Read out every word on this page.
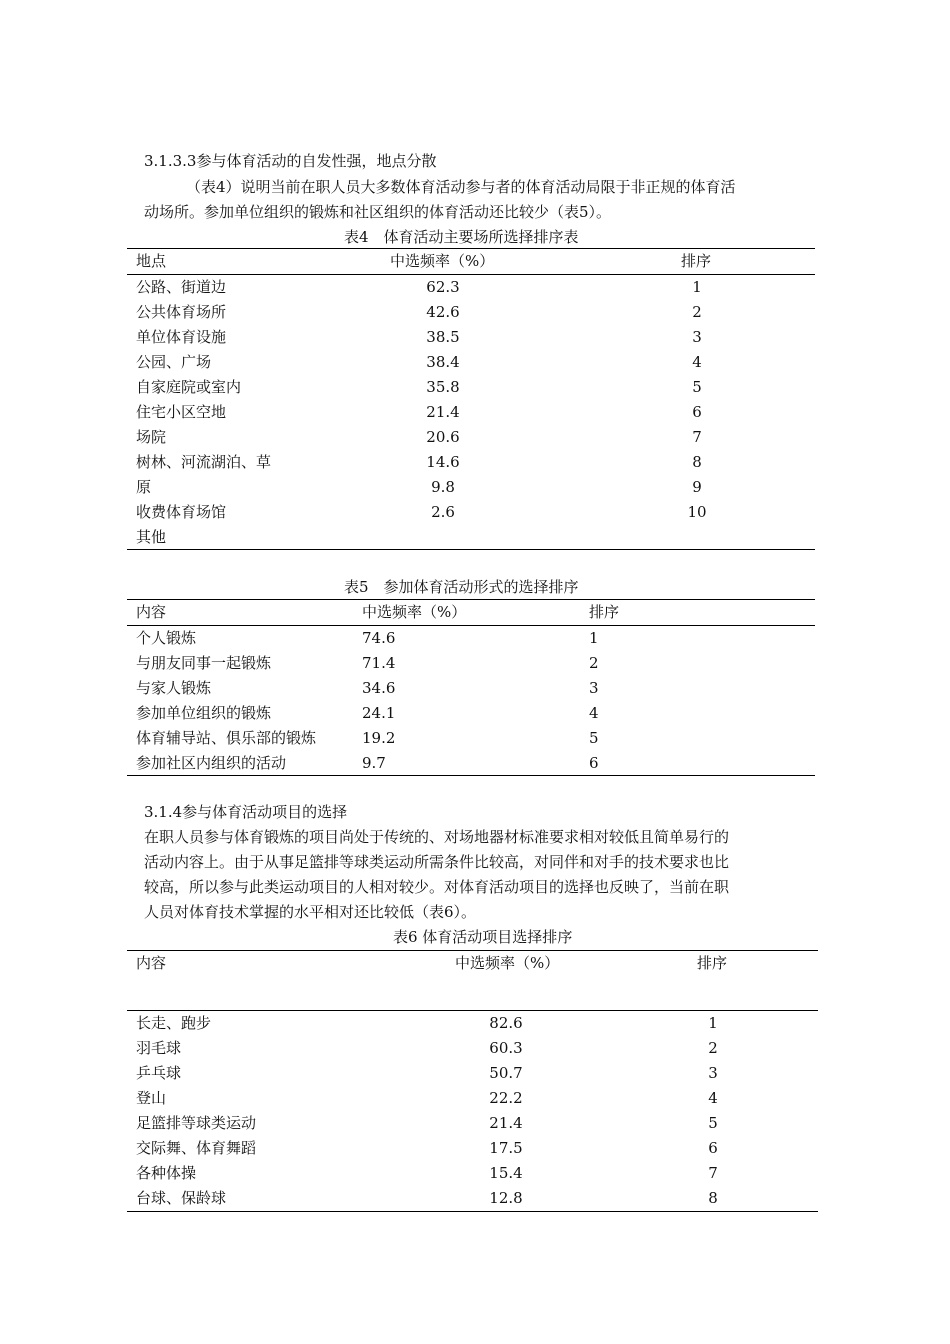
3.1.3.3参与体育活动的自发性强，地点分散
（表4）说明当前在职人员大多数体育活动参与者的体育活动局限于非正规的体育活
动场所。参加单位组织的锻炼和社区组织的体育活动还比较少（表5）。
表4　体育活动主要场所选择排序表
地点	中选频率（%）	排序
公路、街道边	62.3	1
公共体育场所	42.6	2
单位体育设施	38.5	3
公园、广场	38.4	4
自家庭院或室内	35.8	5
住宅小区空地	21.4	6
场院	20.6	7
树林、河流湖泊、草	14.6	8
原	9.8	9
收费体育场馆	2.6	10
其他
表5　参加体育活动形式的选择排序
内容	中选频率（%）	排序
个人锻炼	74.6	1
与朋友同事一起锻炼	71.4	2
与家人锻炼	34.6	3
参加单位组织的锻炼	24.1	4
体育辅导站、俱乐部的锻炼	19.2	5
参加社区内组织的活动	9.7	6
3.1.4参与体育活动项目的选择
在职人员参与体育锻炼的项目尚处于传统的、对场地器材标准要求相对较低且简单易行的
活动内容上。由于从事足篮排等球类运动所需条件比较高，对同伴和对手的技术要求也比
较高，所以参与此类运动项目的人相对较少。对体育活动项目的选择也反映了，当前在职
人员对体育技术掌握的水平相对还比较低（表6）。
表6 体育活动项目选择排序
内容	中选频率（%）	排序
长走、跑步	82.6	1
羽毛球	60.3	2
乒乓球	50.7	3
登山	22.2	4
足篮排等球类运动	21.4	5
交际舞、体育舞蹈	17.5	6
各种体操	15.4	7
台球、保龄球	12.8	8
